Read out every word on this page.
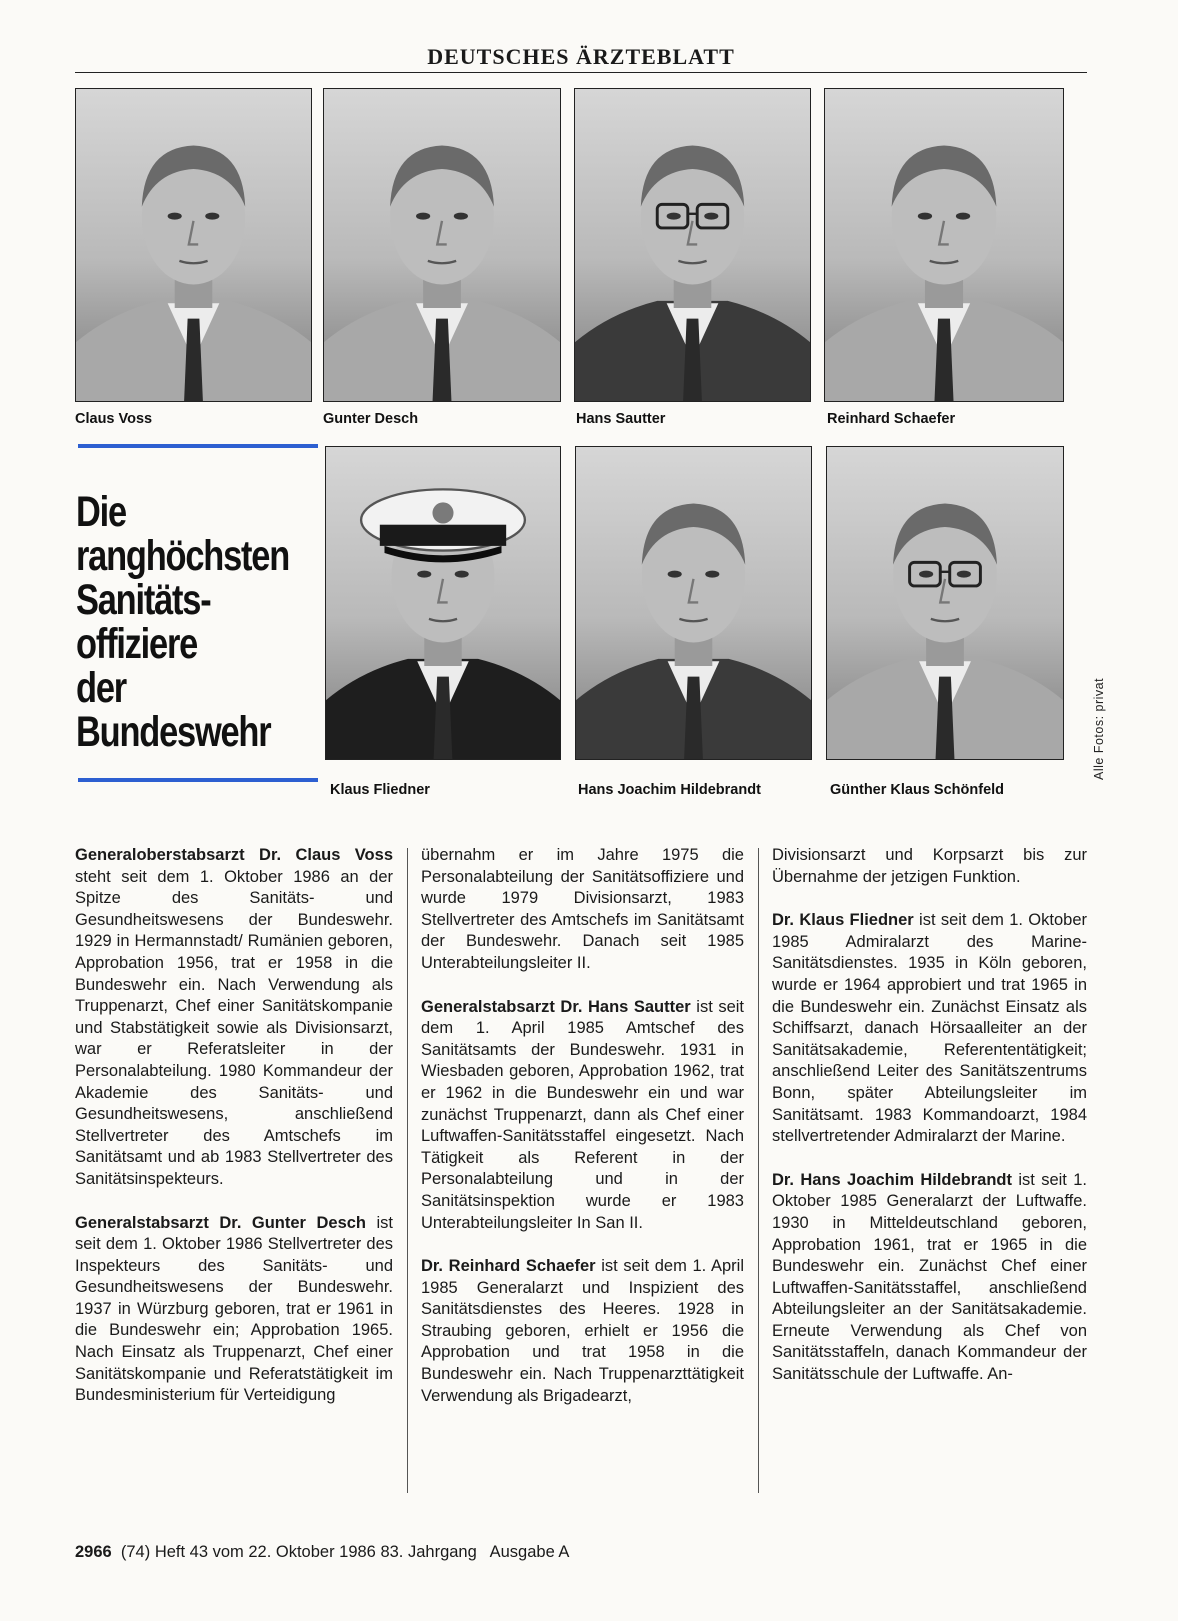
DEUTSCHES ÄRZTEBLATT
Claus Voss	Gunter Desch	Hans Sautter	Reinhard Schaefer
Die
ranghöchsten
Sanitäts-
offiziere
der
Bundeswehr
Klaus Fliedner	Hans Joachim Hildebrandt	Günther Klaus Schönfeld
Alle Fotos: privat

Generaloberstabsarzt Dr. Claus Voss steht seit dem 1. Oktober 1986 an der Spitze des Sanitäts- und Gesundheitswesens der Bundeswehr. 1929 in Hermannstadt/ Rumänien geboren, Approbation 1956, trat er 1958 in die Bundeswehr ein. Nach Verwendung als Truppenarzt, Chef einer Sanitätskompanie und Stabstätigkeit sowie als Divisionsarzt, war er Referatsleiter in der Personalabteilung. 1980 Kommandeur der Akademie des Sanitäts- und Gesundheitswesens, anschließend Stellvertreter des Amtschefs im Sanitätsamt und ab 1983 Stellvertreter des Sanitätsinspekteurs.

Generalstabsarzt Dr. Gunter Desch ist seit dem 1. Oktober 1986 Stellvertreter des Inspekteurs des Sanitäts- und Gesundheitswesens der Bundeswehr. 1937 in Würzburg geboren, trat er 1961 in die Bundeswehr ein; Approbation 1965. Nach Einsatz als Truppenarzt, Chef einer Sanitätskompanie und Referatstätigkeit im Bundesministerium für Verteidigung

übernahm er im Jahre 1975 die Personalabteilung der Sanitätsoffiziere und wurde 1979 Divisionsarzt, 1983 Stellvertreter des Amtschefs im Sanitätsamt der Bundeswehr. Danach seit 1985 Unterabteilungsleiter II.

Generalstabsarzt Dr. Hans Sautter ist seit dem 1. April 1985 Amtschef des Sanitätsamts der Bundeswehr. 1931 in Wiesbaden geboren, Approbation 1962, trat er 1962 in die Bundeswehr ein und war zunächst Truppenarzt, dann als Chef einer Luftwaffen-Sanitätsstaffel eingesetzt. Nach Tätigkeit als Referent in der Personalabteilung und in der Sanitätsinspektion wurde er 1983 Unterabteilungsleiter In San II.

Dr. Reinhard Schaefer ist seit dem 1. April 1985 Generalarzt und Inspizient des Sanitätsdienstes des Heeres. 1928 in Straubing geboren, erhielt er 1956 die Approbation und trat 1958 in die Bundeswehr ein. Nach Truppenarzttätigkeit Verwendung als Brigadearzt,

Divisionsarzt und Korpsarzt bis zur Übernahme der jetzigen Funktion.

Dr. Klaus Fliedner ist seit dem 1. Oktober 1985 Admiralarzt des Marine-Sanitätsdienstes. 1935 in Köln geboren, wurde er 1964 approbiert und trat 1965 in die Bundeswehr ein. Zunächst Einsatz als Schiffsarzt, danach Hörsaalleiter an der Sanitätsakademie, Referententätigkeit; anschließend Leiter des Sanitätszentrums Bonn, später Abteilungsleiter im Sanitätsamt. 1983 Kommandoarzt, 1984 stellvertretender Admiralarzt der Marine.

Dr. Hans Joachim Hildebrandt ist seit 1. Oktober 1985 Generalarzt der Luftwaffe. 1930 in Mitteldeutschland geboren, Approbation 1961, trat er 1965 in die Bundeswehr ein. Zunächst Chef einer Luftwaffen-Sanitätsstaffel, anschließend Abteilungsleiter an der Sanitätsakademie. Erneute Verwendung als Chef von Sanitätsstaffeln, danach Kommandeur der Sanitätsschule der Luftwaffe. An-

2966 (74) Heft 43 vom 22. Oktober 1986 83. Jahrgang   Ausgabe A
